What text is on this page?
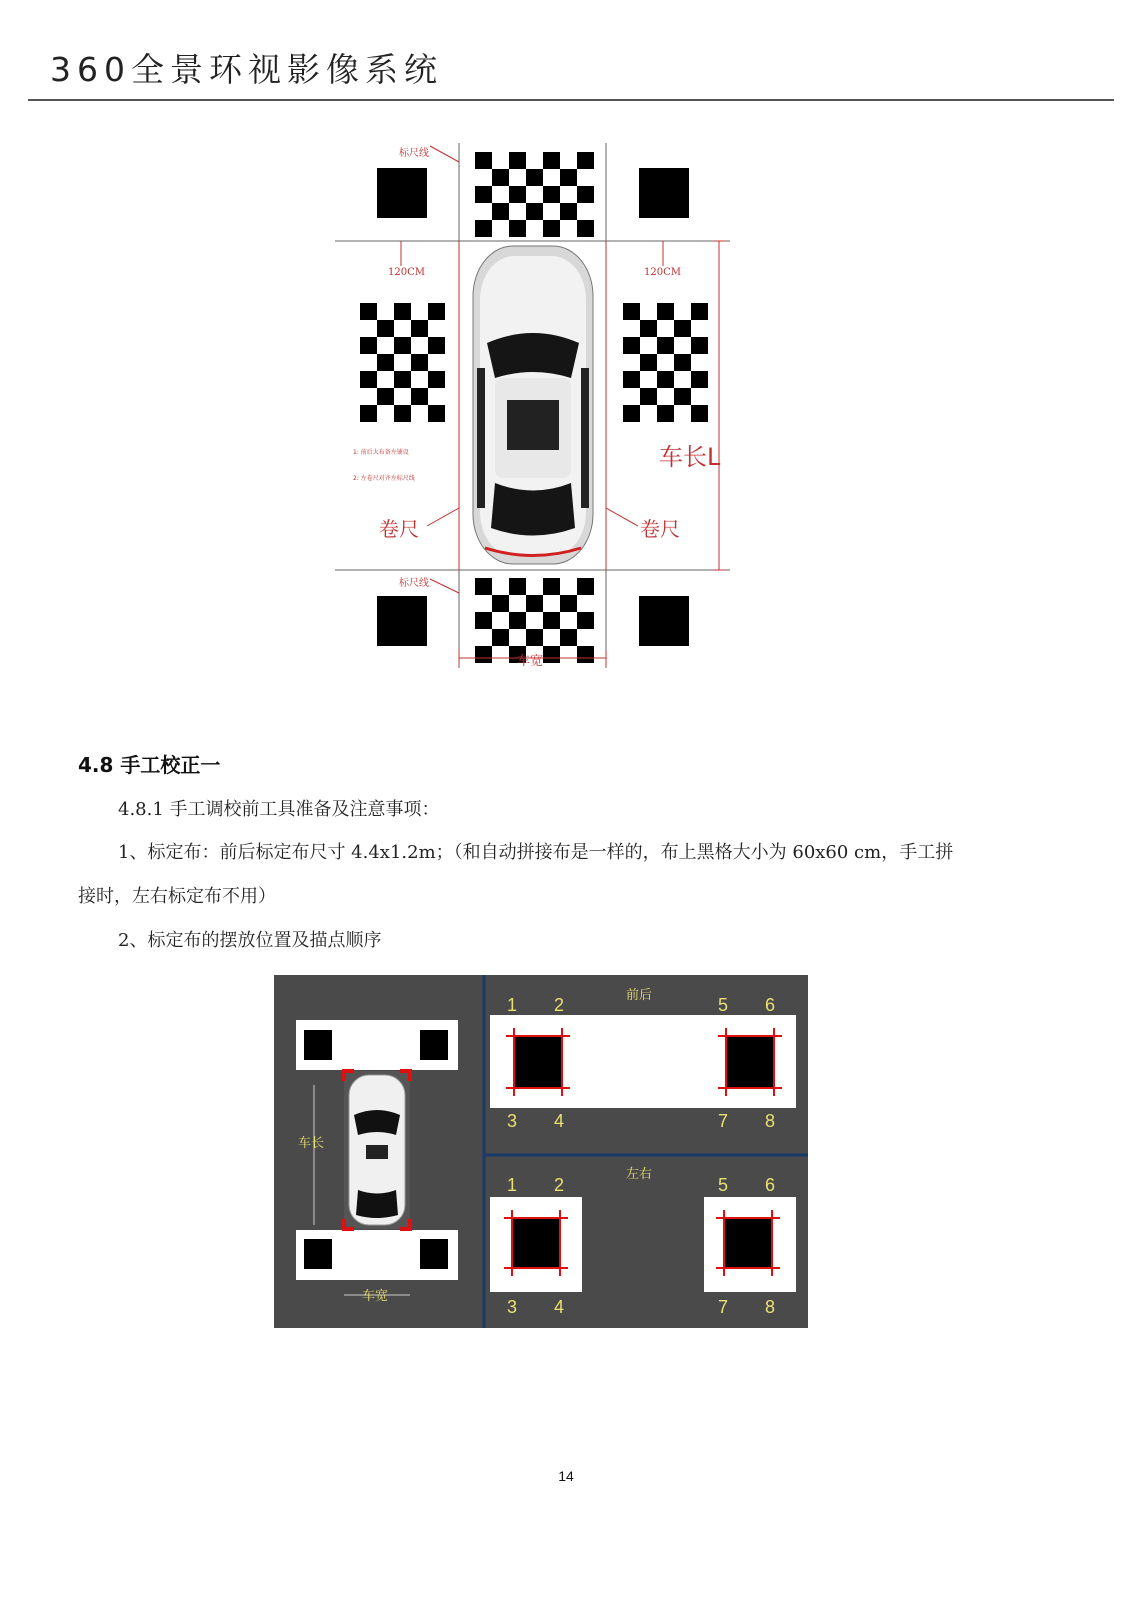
360全景环视影像系统
标尺线
标尺线
120CM	120CM
1: 前后大布备左铺设
2: 左卷尺对齐左标尺线
卷尺	卷尺
车长L
车宽
4.8 手工校正一
4.8.1 手工调校前工具准备及注意事项：
1、标定布：前后标定布尺寸 4.4x1.2m；（和自动拼接布是一样的，布上黑格大小为 60x60 cm，手工拼
接时，左右标定布不用）
2、标定布的摆放位置及描点顺序
车长
车宽
前后
1 2	5 6
3 4	7 8
左右
1 2	5 6
3 4	7 8
14
